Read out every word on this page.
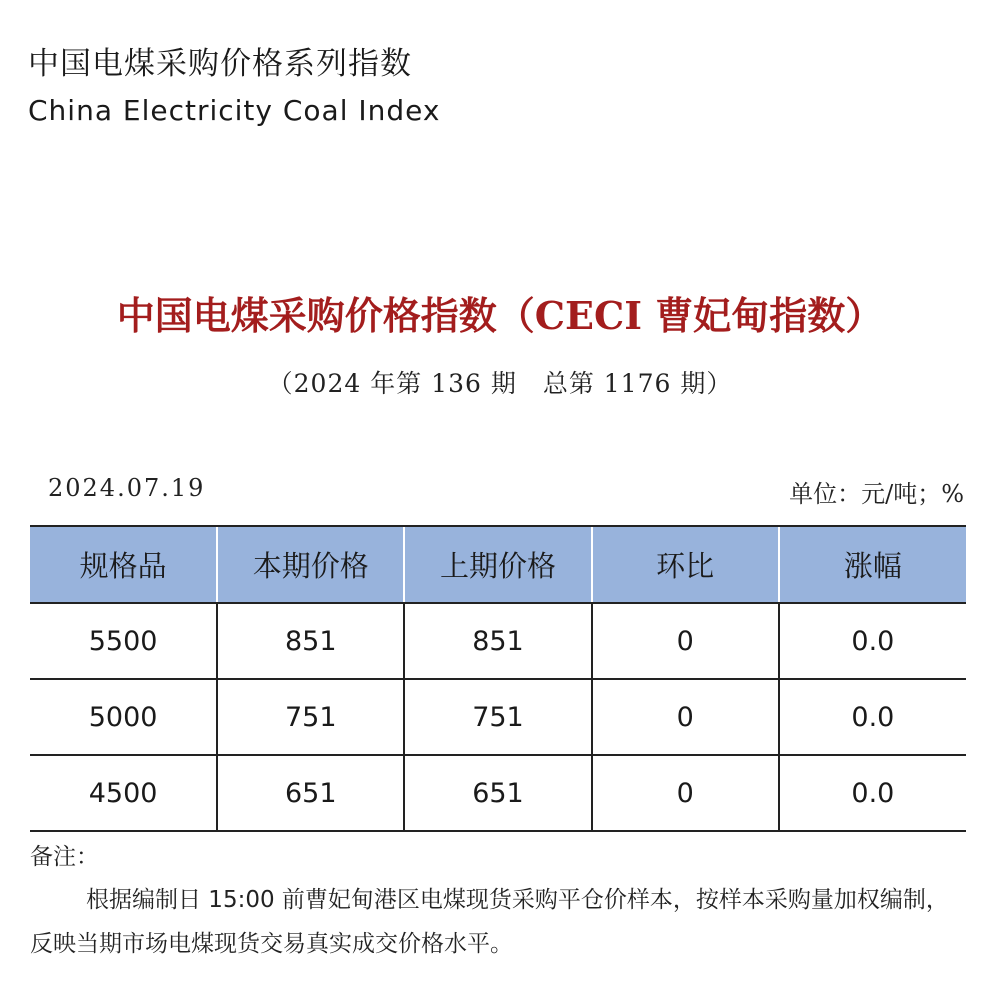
中国电煤采购价格系列指数
China Electricity Coal Index
中国电煤采购价格指数（CECI 曹妃甸指数）
（2024 年第 136 期　总第 1176 期）
2024.07.19	单位：元/吨；%
规格品	本期价格	上期价格	环比	涨幅
5500	851	851	0	0.0
5000	751	751	0	0.0
4500	651	651	0	0.0
备注：
根据编制日 15:00 前曹妃甸港区电煤现货采购平仓价样本，按样本采购量加权编制，反映当期市场电煤现货交易真实成交价格水平。
